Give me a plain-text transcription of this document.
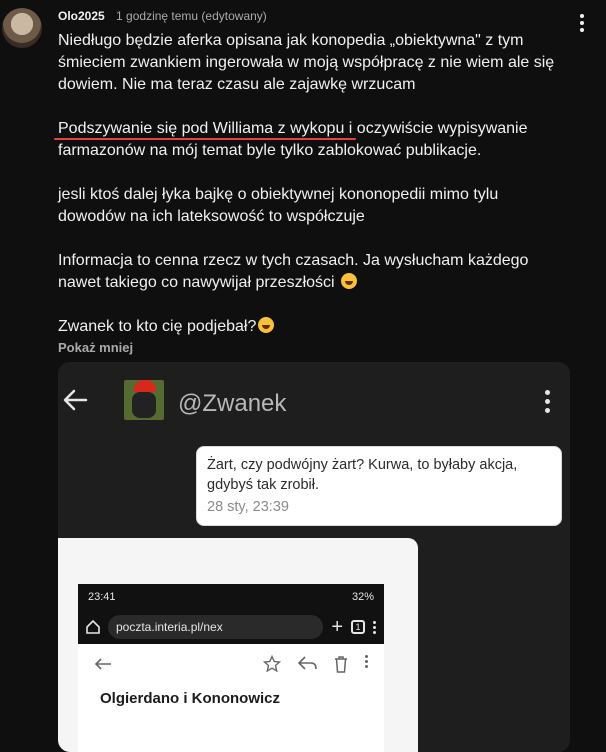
Olo2025 1 godzinę temu (edytowany)

Niedługo będzie aferka opisana jak konopedia „obiektywna" z tym

śmieciem zwankiem ingerowała w moją współpracę z nie wiem ale się

dowiem. Nie ma teraz czasu ale zajawkę wrzucam

Podszywanie się pod Williama z wykopu i oczywiście wypisywanie

farmazonów na mój temat byle tylko zablokować publikacje.

jesli ktoś dalej łyka bajkę o obiektywnej kononopedii mimo tylu

dowodów na ich lateksowość to współczuje

Informacja to cenna rzecz w tych czasach. Ja wysłucham każdego

nawet takiego co nawywijał przeszłości

Zwanek to kto cię podjebał?

Pokaż mniej
@Zwanek
Żart, czy podwójny żart? Kurwa, to byłaby akcja,
gdybyś tak zrobił.
28 sty, 23:39
23:41	32%
poczta.interia.pl/nex	+	1
Olgierdano i Kononowicz
